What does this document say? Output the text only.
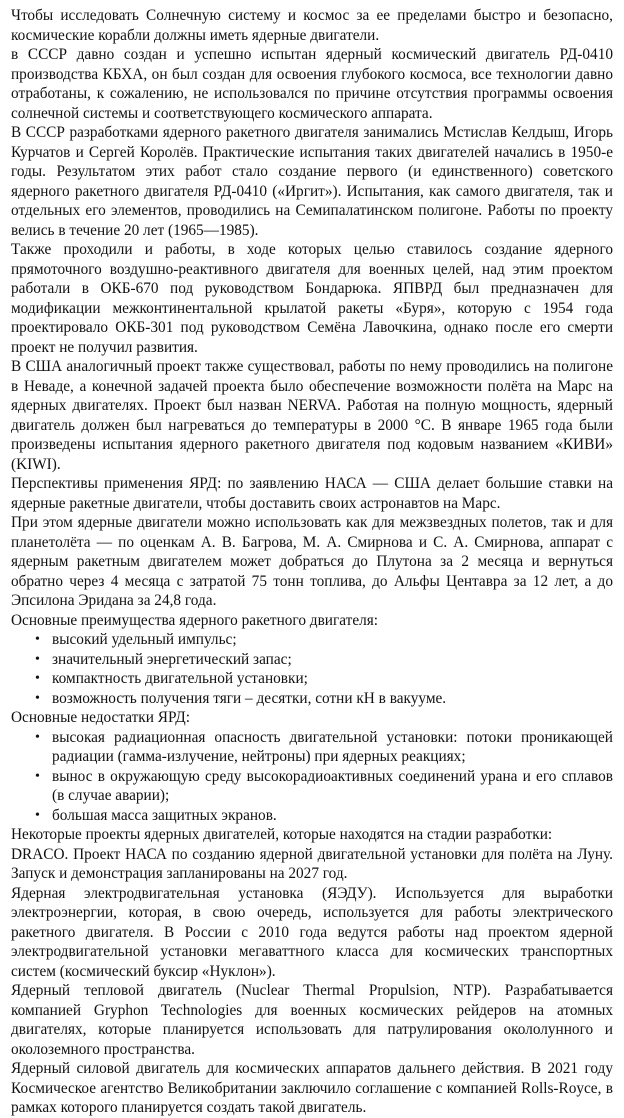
Чтобы исследовать Солнечную систему и космос за ее пределами быстро и безопасно, космические корабли должны иметь ядерные двигатели.

в СССР давно создан и успешно испытан ядерный космический двигатель РД-0410 производства КБХА, он был создан для освоения глубокого космоса, все технологии давно отработаны, к сожалению, не использовался по причине отсутствия программы освоения солнечной системы и соответствующего космического аппарата.

В СССР разработками ядерного ракетного двигателя занимались Мстислав Келдыш, Игорь Курчатов и Сергей Королёв. Практические испытания таких двигателей начались в 1950-е годы. Результатом этих работ стало создание первого (и единственного) советского ядерного ракетного двигателя РД-0410 («Иргит»). Испытания, как самого двигателя, так и отдельных его элементов, проводились на Семипалатинском полигоне. Работы по проекту велись в течение 20 лет (1965—1985).

Также проходили и работы, в ходе которых целью ставилось создание ядерного прямоточного воздушно-реактивного двигателя для военных целей, над этим проектом работали в ОКБ-670 под руководством Бондарюка. ЯПВРД был предназначен для модификации межконтинентальной крылатой ракеты «Буря», которую с 1954 года проектировало ОКБ-301 под руководством Семёна Лавочкина, однако после его смерти проект не получил развития.

В США аналогичный проект также существовал, работы по нему проводились на полигоне в Неваде, а конечной задачей проекта было обеспечение возможности полёта на Марс на ядерных двигателях. Проект был назван NERVA. Работая на полную мощность, ядерный двигатель должен был нагреваться до температуры в 2000 °C. В январе 1965 года были произведены испытания ядерного ракетного двигателя под кодовым названием «КИВИ» (KIWI).

Перспективы применения ЯРД: по заявлению НАСА — США делает большие ставки на ядерные ракетные двигатели, чтобы доставить своих астронавтов на Марс.

При этом ядерные двигатели можно использовать как для межзвездных полетов, так и для планетолёта — по оценкам А. В. Багрова, М. А. Смирнова и С. А. Смирнова, аппарат с ядерным ракетным двигателем может добраться до Плутона за 2 месяца и вернуться обратно через 4 месяца с затратой 75 тонн топлива, до Альфы Центавра за 12 лет, а до Эпсилона Эридана за 24,8 года.

Основные преимущества ядерного ракетного двигателя:

• высокий удельный импульс;
• значительный энергетический запас;
• компактность двигательной установки;
• возможность получения тяги – десятки, сотни кН в вакууме.

Основные недостатки ЯРД:

• высокая радиационная опасность двигательной установки: потоки проникающей радиации (гамма-излучение, нейтроны) при ядерных реакциях;
• вынос в окружающую среду высокорадиоактивных соединений урана и его сплавов (в случае аварии);
• большая масса защитных экранов.

Некоторые проекты ядерных двигателей, которые находятся на стадии разработки:

DRACO. Проект НАСА по созданию ядерной двигательной установки для полёта на Луну. Запуск и демонстрация запланированы на 2027 год.

Ядерная электродвигательная установка (ЯЭДУ). Используется для выработки электроэнергии, которая, в свою очередь, используется для работы электрического ракетного двигателя. В России с 2010 года ведутся работы над проектом ядерной электродвигательной установки мегаваттного класса для космических транспортных систем (космический буксир «Нуклон»).

Ядерный тепловой двигатель (Nuclear Thermal Propulsion, NTP). Разрабатывается компанией Gryphon Technologies для военных космических рейдеров на атомных двигателях, которые планируется использовать для патрулирования окололунного и околоземного пространства.

Ядерный силовой двигатель для космических аппаратов дальнего действия. В 2021 году Космическое агентство Великобритании заключило соглашение с компанией Rolls-Royce, в рамках которого планируется создать такой двигатель.
